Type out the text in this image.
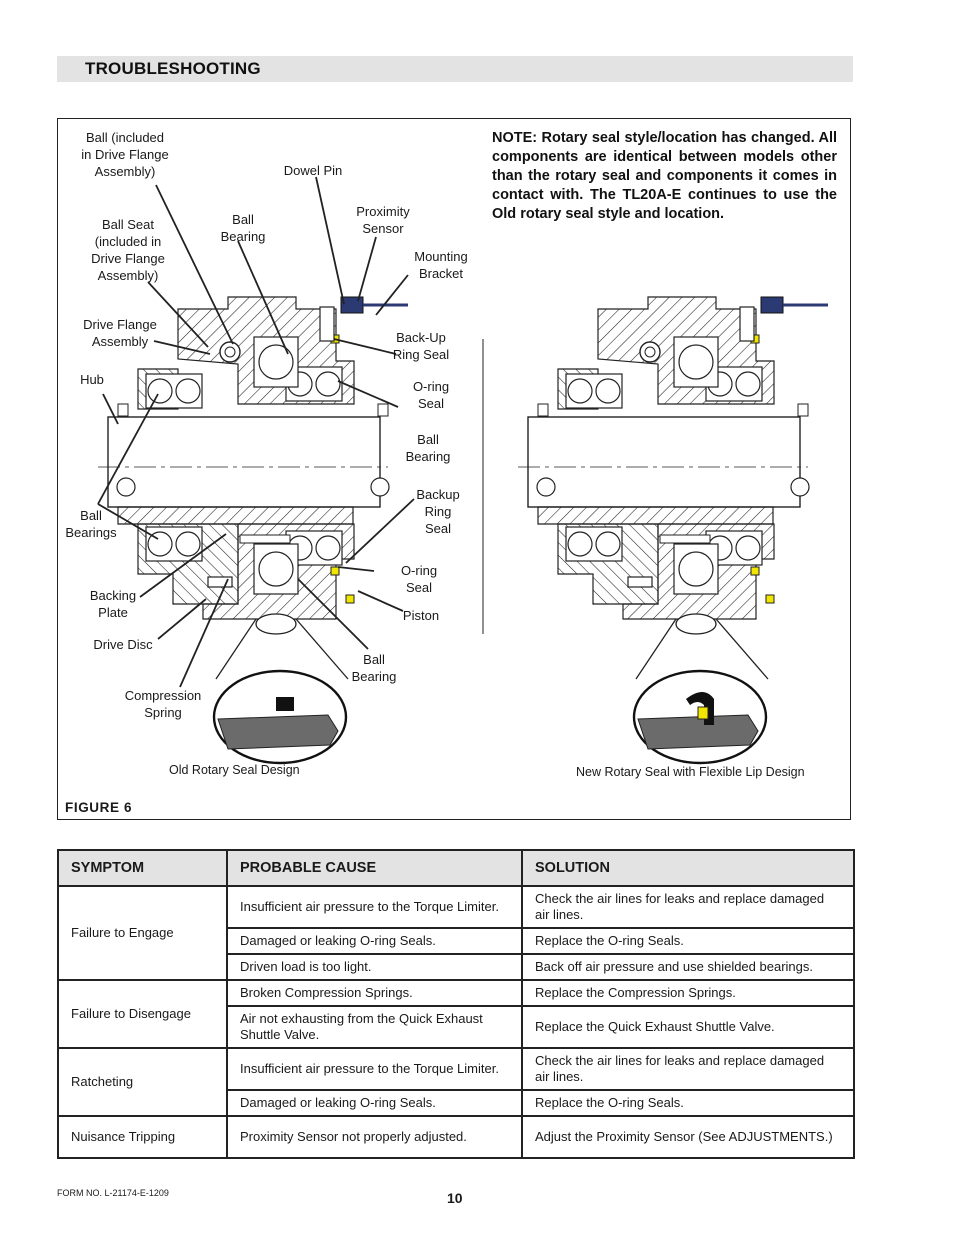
TROUBLESHOOTING
Ball (included
in Drive Flange
Assembly)	Dowel Pin
Proximity
Sensor
Ball
Bearing
Ball Seat
(included in
Drive Flange
Assembly)
Mounting
Bracket
Drive Flange
Assembly	Back-Up
Ring Seal
Hub	O-ring
Seal
Ball
Bearing
Backup
Ring
Seal
Ball
Bearings
O-ring
Seal
Backing
Plate	Piston
Drive Disc
Ball
Bearing
Compression
Spring
NOTE: Rotary seal style/location has changed. All components are identical between models other than the rotary seal and components it comes in contact with. The TL20A-E continues to use the Old rotary seal style and location.
Old Rotary Seal Design	New Rotary Seal with Flexible Lip Design
FIGURE 6
SYMPTOM	PROBABLE CAUSE	SOLUTION
Failure to Engage	Insufficient air pressure to the Torque Limiter.	Check the air lines for leaks and replace damaged air lines.
	Damaged or leaking O-ring Seals.	Replace the O-ring Seals.
	Driven load is too light.	Back off air pressure and use shielded bearings.
Failure to Disengage	Broken Compression Springs.	Replace the Compression Springs.
	Air not exhausting from the Quick Exhaust Shuttle Valve.	Replace the Quick Exhaust Shuttle Valve.
Ratcheting	Insufficient air pressure to the Torque Limiter.	Check the air lines for leaks and replace damaged air lines.
	Damaged or leaking O-ring Seals.	Replace the O-ring Seals.
Nuisance Tripping	Proximity Sensor not properly adjusted.	Adjust the Proximity Sensor (See ADJUSTMENTS.)
FORM NO. L-21174-E-1209	10
